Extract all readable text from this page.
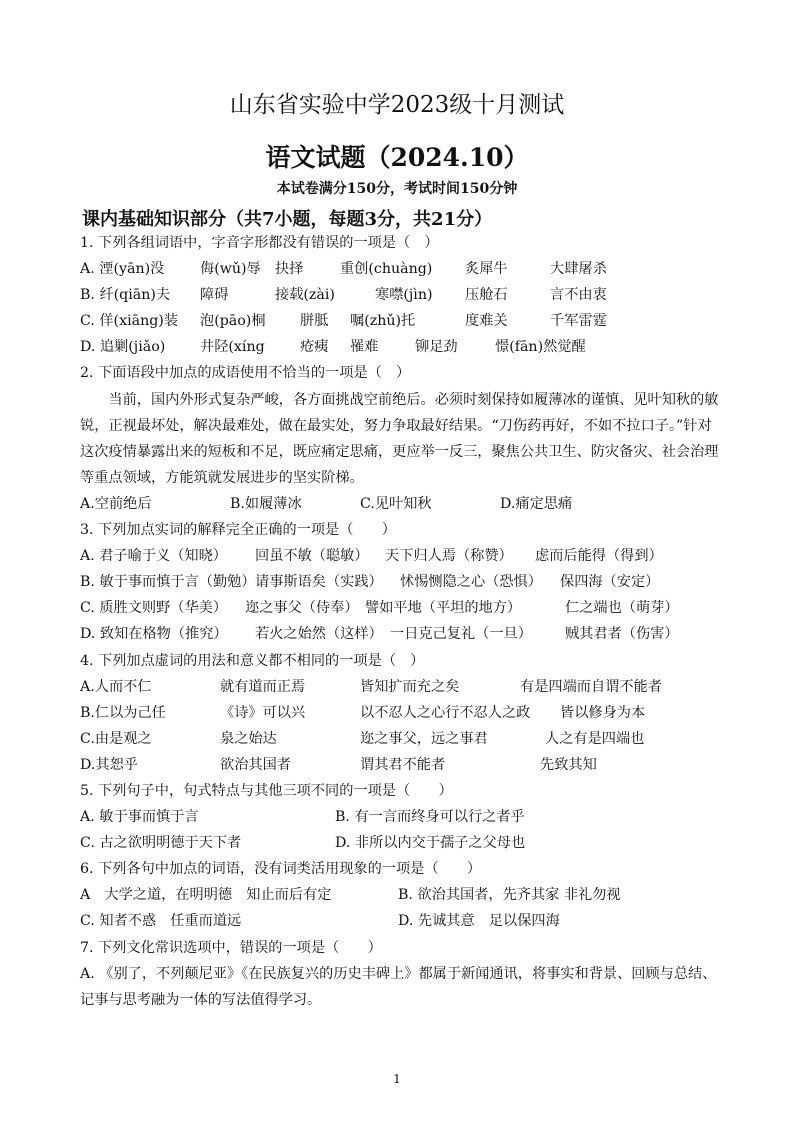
山东省实验中学2023级十月测试
语文试题（2024.10）
本试卷满分150分，考试时间150分钟
课内基础知识部分（共7小题，每题3分，共21分）
1. 下列各组词语中，字音字形都没有错误的一项是（　）
A. 湮(yān)没	侮(wǔ)辱	抉择	重创(chuàng)	炙犀牛	大肆屠杀
B. 纤(qiān)夫	障碍	接载(zài)	寒噤(jìn)	压舱石	言不由衷
C. 佯(xiāng)装	泡(pāo)桐	胼胝	嘱(zhǔ)托	度难关	千军雷霆
D. 追剿(jiǎo)	井陉(xíng	疮痍	罹难	铆足劲	憬(fān)然觉醒
2. 下面语段中加点的成语使用不恰当的一项是（　）
当前，国内外形式复杂严峻，各方面挑战空前绝后。必须时刻保持如履薄冰的谨慎、见叶知秋的敏锐，正视最坏处，解决最难处，做在最实处，努力争取最好结果。“刀伤药再好，不如不拉口子。”针对这次疫情暴露出来的短板和不足，既应痛定思痛，更应举一反三，聚焦公共卫生、防灾备灾、社会治理等重点领域，方能筑就发展进步的坚实阶梯。
A.空前绝后	B.如履薄冰	C.见叶知秋	D.痛定思痛
3. 下列加点实词的解释完全正确的一项是（　　）
A. 君子喻于义（知晓）	回虽不敏（聪敏）	天下归人焉（称赞）	虑而后能得（得到）
B. 敏于事而慎于言（勤勉） 请事斯语矣（实践）	怵惕恻隐之心（恐惧）	保四海（安定）
C. 质胜文则野（华美）	迩之事父（侍奉） 譬如平地（平坦的地方）	仁之端也（萌芽）
D. 致知在格物（推究）	若火之始然（这样） 一日克己复礼（一旦）	贼其君者（伤害）
4. 下列加点虚词的用法和意义都不相同的一项是（　）
A.人而不仁	就有道而正焉	皆知扩而充之矣	有是四端而自谓不能者
B.仁以为己任	《诗》可以兴	以不忍人之心行不忍人之政	皆以修身为本
C.由是观之	泉之始达	迩之事父，远之事君	人之有是四端也
D.其恕乎	欲治其国者	谓其君不能者	先致其知
5. 下列句子中，句式特点与其他三项不同的一项是（　　）
A. 敏于事而慎于言	B. 有一言而终身可以行之者乎
C. 古之欲明明德于天下者	D. 非所以内交于孺子之父母也
6. 下列各句中加点的词语，没有词类活用现象的一项是（　　）
A　大学之道，在明明德　知止而后有定	B. 欲治其国者，先齐其家 非礼勿视
C. 知者不惑　任重而道远	D. 先诚其意　足以保四海
7. 下列文化常识选项中，错误的一项是（　　）
A. 《别了，不列颠尼亚》《在民族复兴的历史丰碑上》都属于新闻通讯，将事实和背景、回顾与总结、记事与思考融为一体的写法值得学习。
1
